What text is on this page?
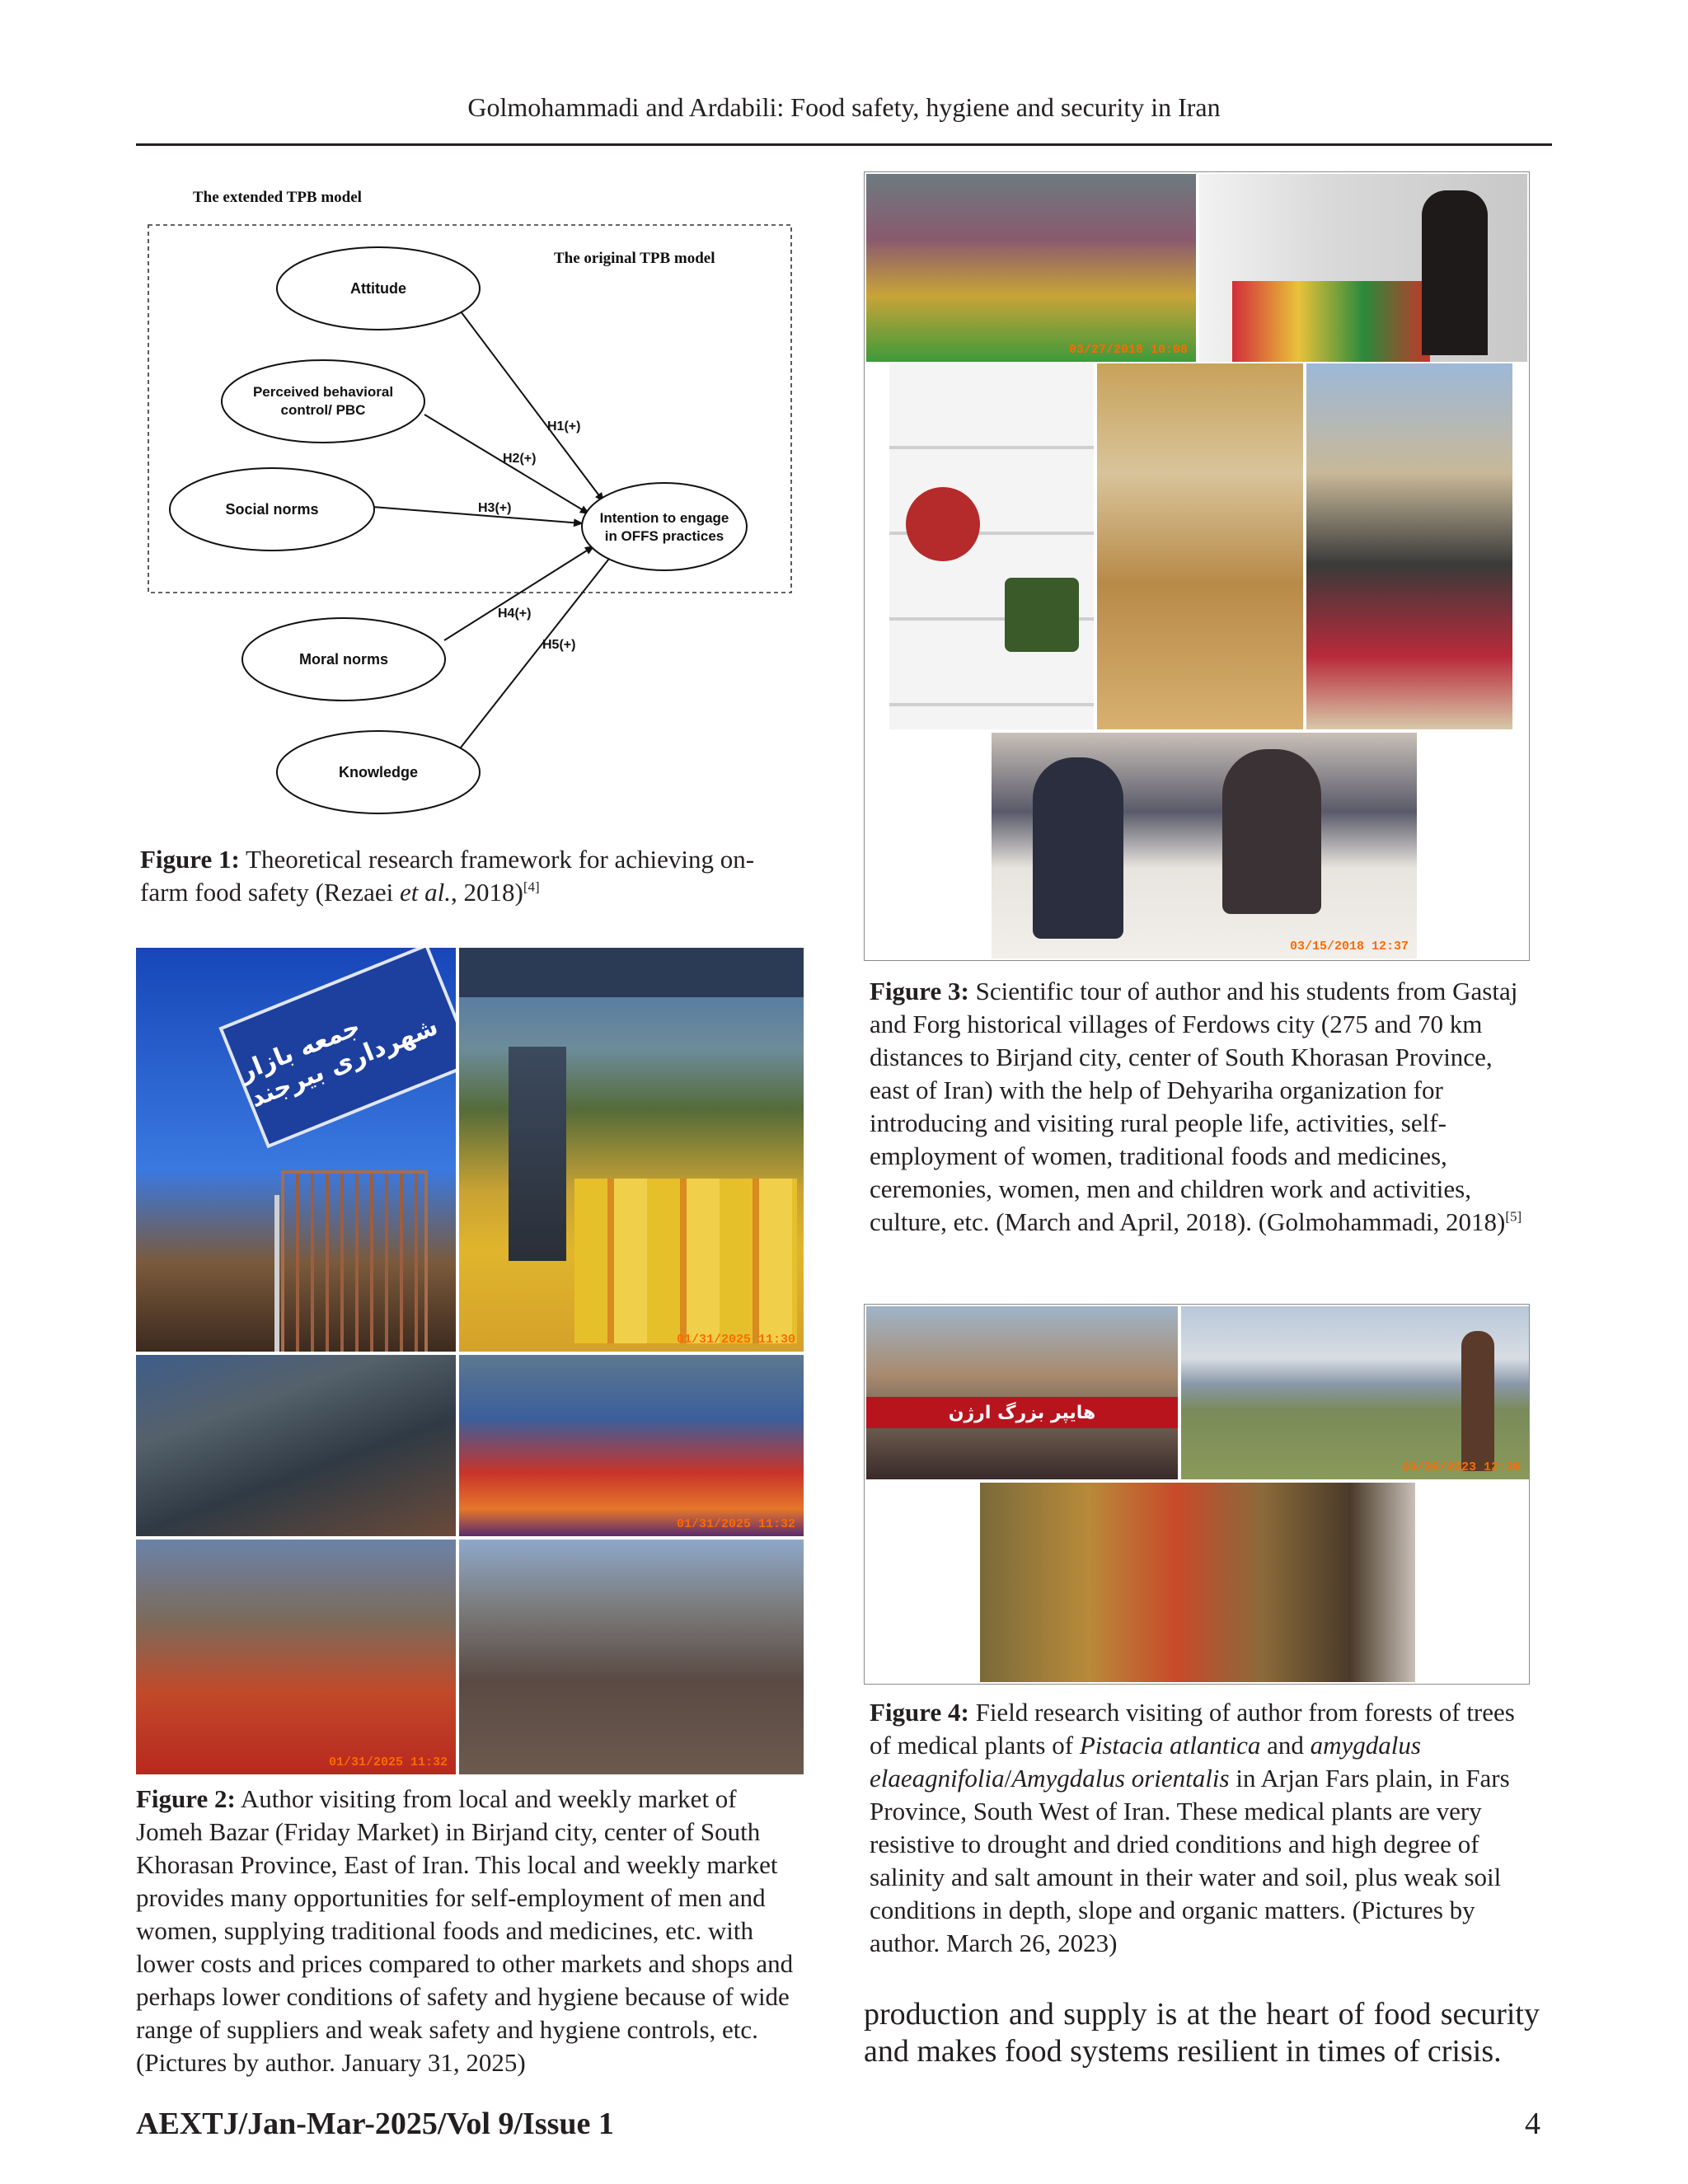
Golmohammadi and Ardabili: Food safety, hygiene and security in Iran
The extended TPB model
The original TPB model
Attitude
Perceived behavioral
control/ PBC
Social norms
Intention to engage
in OFFS practices
Moral norms
Knowledge
H1(+)
H2(+)
H3(+)
H4(+)
H5(+)
Figure 1: Theoretical research framework for achieving on-farm food safety (Rezaei et al., 2018)[4]
جمعه بازار شهرداری بیرجند
01/31/2025 11:30
01/31/2025 11:32
01/31/2025 11:32
Figure 2: Author visiting from local and weekly market of Jomeh Bazar (Friday Market) in Birjand city, center of South Khorasan Province, East of Iran. This local and weekly market provides many opportunities for self-employment of men and women, supplying traditional foods and medicines, etc. with lower costs and prices compared to other markets and shops and perhaps lower conditions of safety and hygiene because of wide range of suppliers and weak safety and hygiene controls, etc. (Pictures by author. January 31, 2025)
03/27/2018 10:08
03/15/2018 12:37
Figure 3: Scientific tour of author and his students from Gastaj and Forg historical villages of Ferdows city (275 and 70 km distances to Birjand city, center of South Khorasan Province, east of Iran) with the help of Dehyariha organization for introducing and visiting rural people life, activities, self-employment of women, traditional foods and medicines, ceremonies, women, men and children work and activities, culture, etc. (March and April, 2018). (Golmohammadi, 2018)[5]
هایپر بزرگ ارژن
03/26/2023 12:30
Figure 4: Field research visiting of author from forests of trees of medical plants of Pistacia atlantica and amygdalus elaeagnifolia/Amygdalus orientalis in Arjan Fars plain, in Fars Province, South West of Iran. These medical plants are very resistive to drought and dried conditions and high degree of salinity and salt amount in their water and soil, plus weak soil conditions in depth, slope and organic matters. (Pictures by author. March 26, 2023)
production and supply is at the heart of food security and makes food systems resilient in times of crisis.
AEXTJ/Jan-Mar-2025/Vol 9/Issue 1	4
